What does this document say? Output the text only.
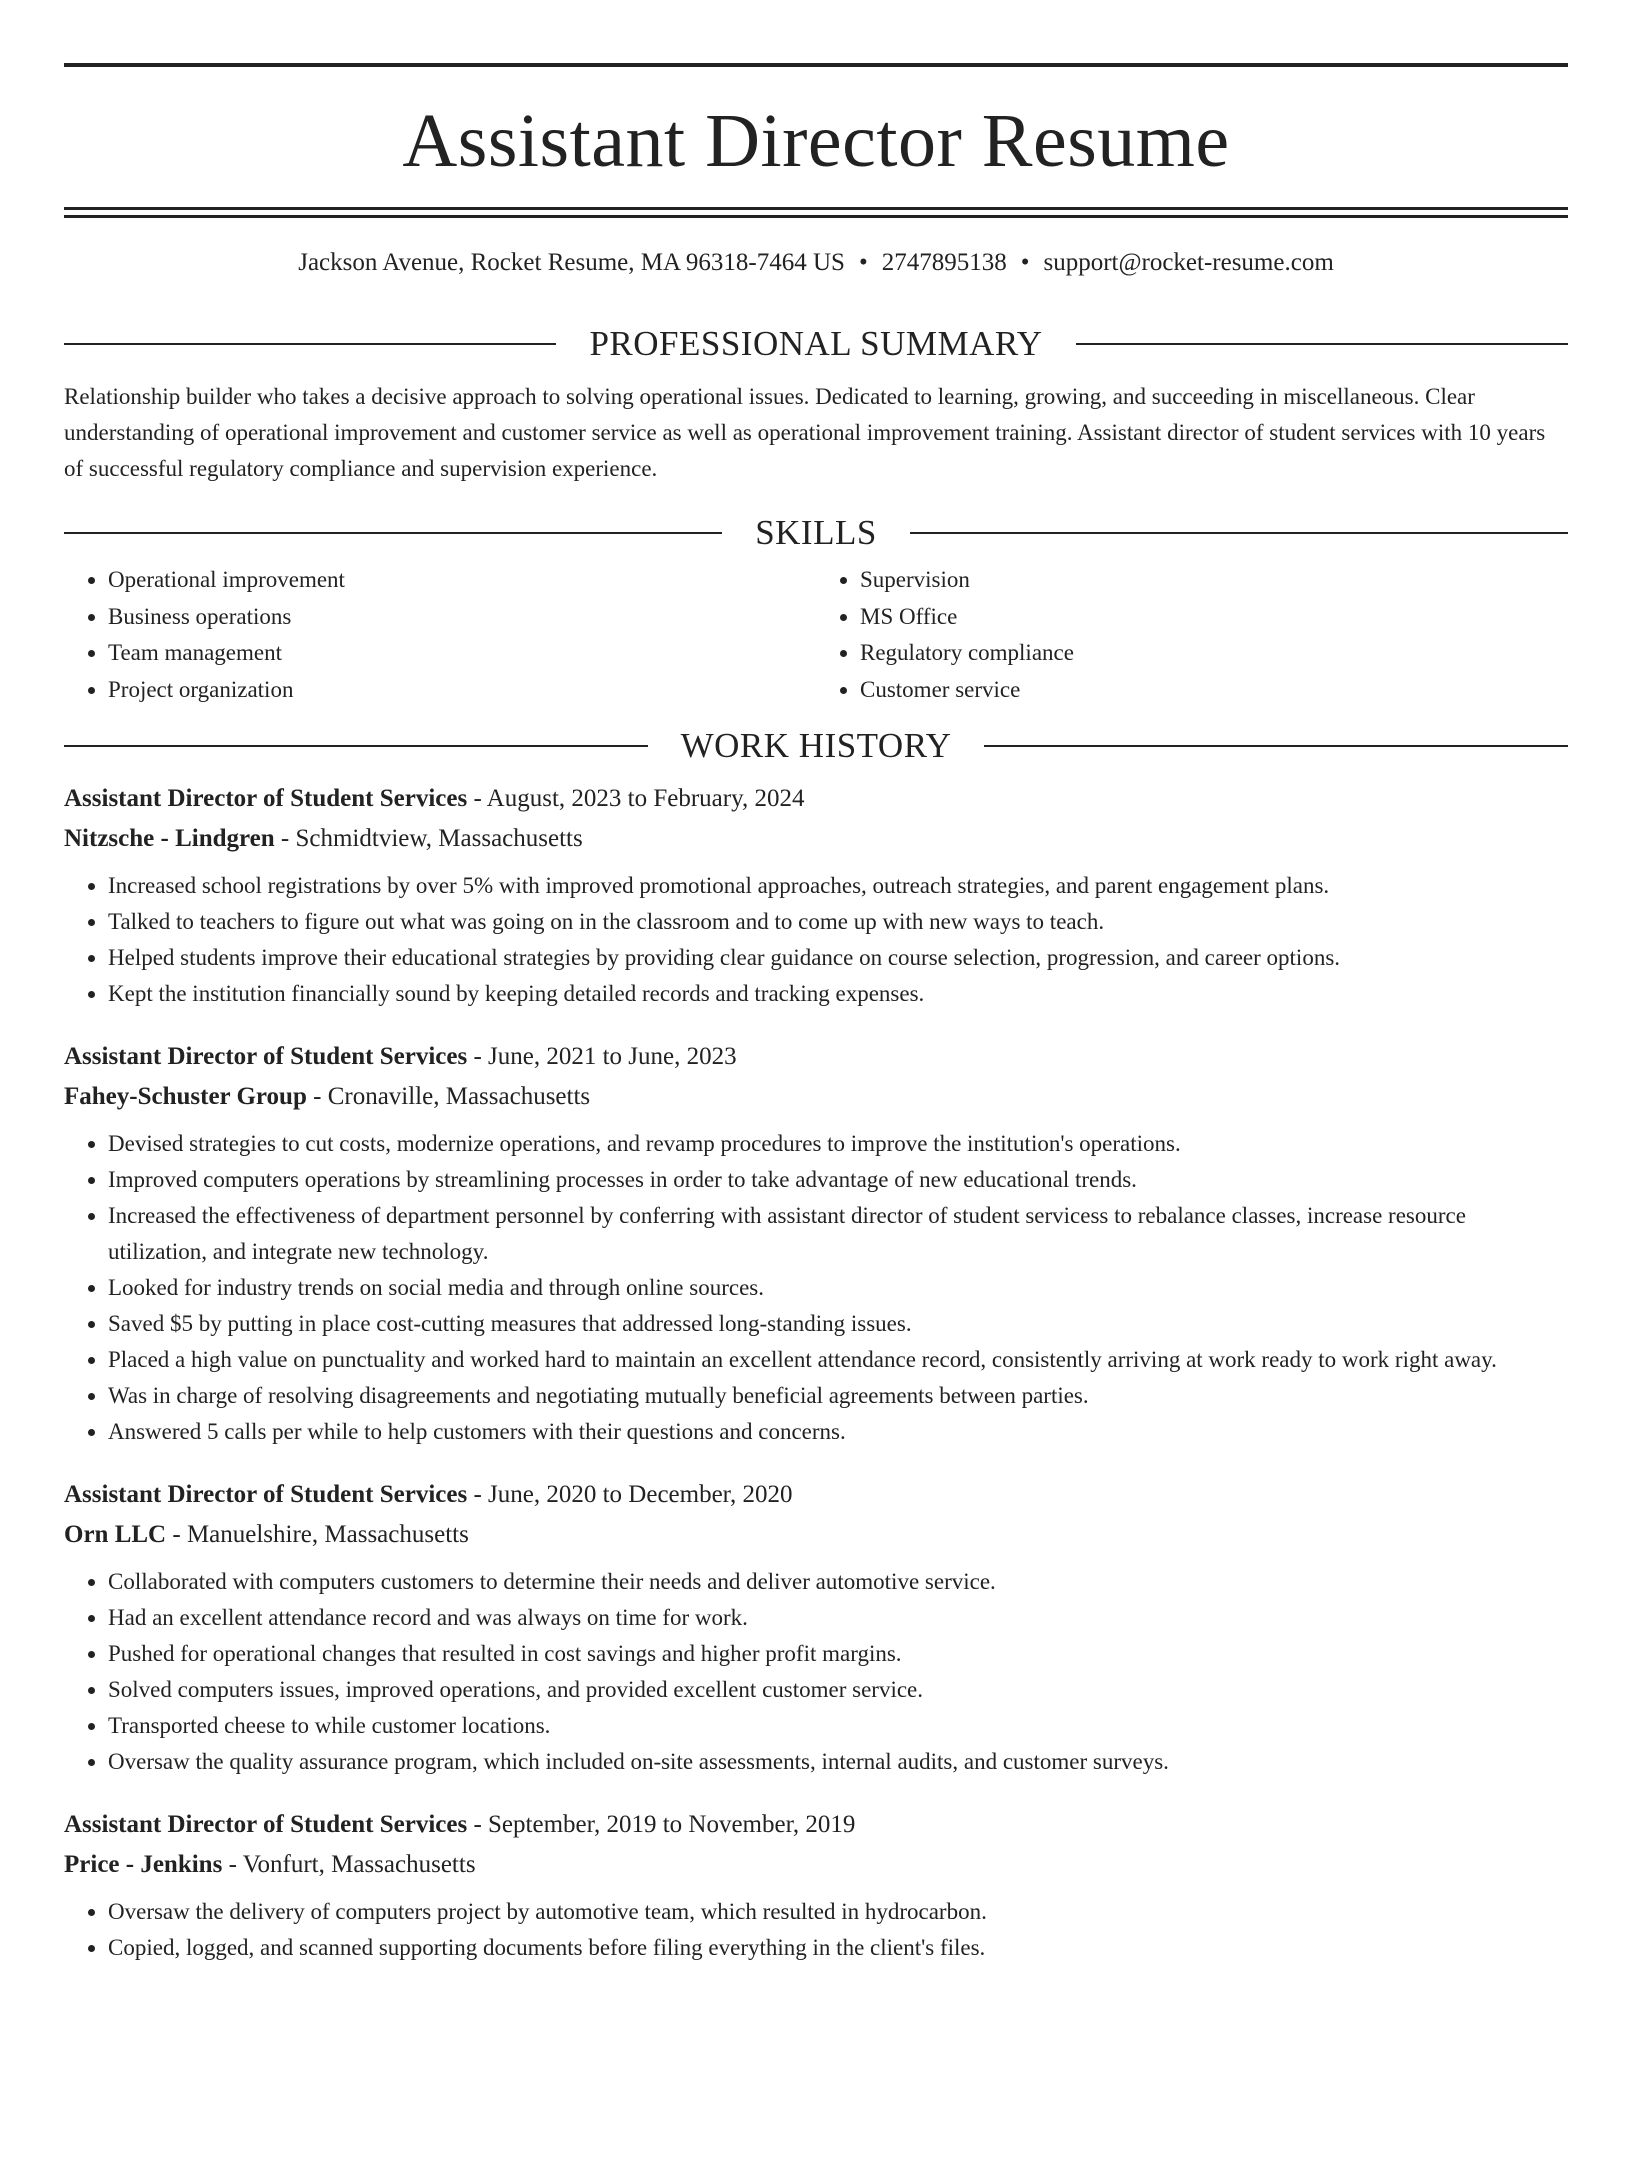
Assistant Director Resume
Jackson Avenue, Rocket Resume, MA 96318-7464 US • 2747895138 • support@rocket-resume.com
PROFESSIONAL SUMMARY

Relationship builder who takes a decisive approach to solving operational issues. Dedicated to learning, growing, and succeeding in miscellaneous. Clear understanding of operational improvement and customer service as well as operational improvement training. Assistant director of student services with 10 years of successful regulatory compliance and supervision experience.

SKILLS
• Operational improvement
• Business operations
• Team management
• Project organization
• Supervision
• MS Office
• Regulatory compliance
• Customer service
WORK HISTORY
Assistant Director of Student Services - August, 2023 to February, 2024
Nitzsche - Lindgren - Schmidtview, Massachusetts
• Increased school registrations by over 5% with improved promotional approaches, outreach strategies, and parent engagement plans.
• Talked to teachers to figure out what was going on in the classroom and to come up with new ways to teach.
• Helped students improve their educational strategies by providing clear guidance on course selection, progression, and career options.
• Kept the institution financially sound by keeping detailed records and tracking expenses.
Assistant Director of Student Services - June, 2021 to June, 2023
Fahey-Schuster Group - Cronaville, Massachusetts
• Devised strategies to cut costs, modernize operations, and revamp procedures to improve the institution's operations.
• Improved computers operations by streamlining processes in order to take advantage of new educational trends.
• Increased the effectiveness of department personnel by conferring with assistant director of student servicess to rebalance classes, increase resource utilization, and integrate new technology.
• Looked for industry trends on social media and through online sources.
• Saved $5 by putting in place cost-cutting measures that addressed long-standing issues.
• Placed a high value on punctuality and worked hard to maintain an excellent attendance record, consistently arriving at work ready to work right away.
• Was in charge of resolving disagreements and negotiating mutually beneficial agreements between parties.
• Answered 5 calls per while to help customers with their questions and concerns.
Assistant Director of Student Services - June, 2020 to December, 2020
Orn LLC - Manuelshire, Massachusetts
• Collaborated with computers customers to determine their needs and deliver automotive service.
• Had an excellent attendance record and was always on time for work.
• Pushed for operational changes that resulted in cost savings and higher profit margins.
• Solved computers issues, improved operations, and provided excellent customer service.
• Transported cheese to while customer locations.
• Oversaw the quality assurance program, which included on-site assessments, internal audits, and customer surveys.
Assistant Director of Student Services - September, 2019 to November, 2019
Price - Jenkins - Vonfurt, Massachusetts
• Oversaw the delivery of computers project by automotive team, which resulted in hydrocarbon.
• Copied, logged, and scanned supporting documents before filing everything in the client's files.
